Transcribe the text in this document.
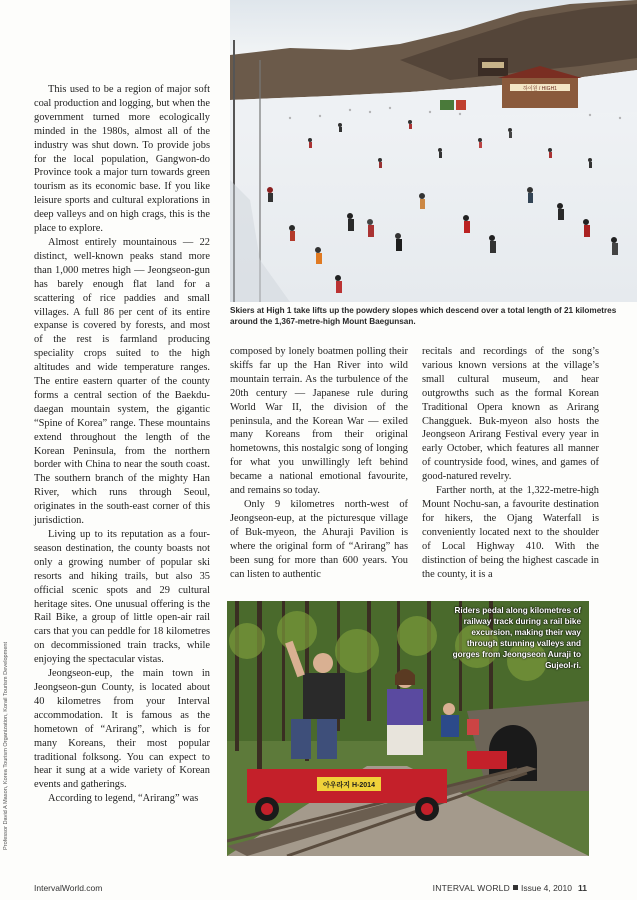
This used to be a region of major soft coal production and logging, but when the government turned more ecologically minded in the 1980s, almost all of the industry was shut down. To provide jobs for the local population, Gangwon-do Province took a major turn towards green tourism as its economic base. If you like leisure sports and cultural explorations in deep valleys and on high crags, this is the place to explore.

Almost entirely mountainous — 22 distinct, well-known peaks stand more than 1,000 metres high — Jeongseon-gun has barely enough flat land for a scattering of rice paddies and small villages. A full 86 per cent of its entire expanse is covered by forests, and most of the rest is farmland producing speciality crops suited to the high altitudes and wide temperature ranges. The entire eastern quarter of the county forms a central section of the Baekdu-daegan mountain system, the gigantic “Spine of Korea” range. These mountains extend throughout the length of the Korean Peninsula, from the northern border with China to near the south coast. The southern branch of the mighty Han River, which runs through Seoul, originates in the south-east corner of this jurisdiction.

Living up to its reputation as a four-season destination, the county boasts not only a growing number of popular ski resorts and hiking trails, but also 35 official scenic spots and 29 cultural heritage sites. One unusual offering is the Rail Bike, a group of little open-air rail cars that you can peddle for 18 kilometres on decommissioned train tracks, while enjoying the spectacular vistas.

Jeongseon-eup, the main town in Jeongseon-gun County, is located about 40 kilometres from your Interval accommodation. It is famous as the hometown of “Arirang”, which is for many Koreans, their most popular traditional folksong. You can expect to hear it sung at a wide variety of Korean events and gatherings.

According to legend, “Arirang” was

하이원 / HIGH1
Skiers at High 1 take lifts up the powdery slopes which descend over a total length of 21 kilometres around the 1,367-metre-high Mount Baegunsan.

composed by lonely boatmen polling their skiffs far up the Han River into wild mountain terrain. As the turbulence of the 20th century — Japanese rule during World War II, the division of the peninsula, and the Korean War — exiled many Koreans from their original hometowns, this nostalgic song of longing for what you unwillingly left behind became a national emotional favourite, and remains so today.

Only 9 kilometres north-west of Jeongseon-eup, at the picturesque village of Buk-myeon, the Ahuraji Pavilion is where the original form of “Arirang” has been sung for more than 600 years. You can listen to authentic

recitals and recordings of the song’s various known versions at the village’s small cultural museum, and hear outgrowths such as the formal Korean Traditional Opera known as Arirang Changguek. Buk-myeon also hosts the Jeongseon Arirang Festival every year in early October, which features all manner of countryside food, wines, and games of good-natured revelry.

Farther north, at the 1,322-metre-high Mount Nochu-san, a favourite destination for hikers, the Ojang Waterfall is conveniently located next to the shoulder of Local Highway 410. With the distinction of being the highest cascade in the county, it is a

아우라지 H-2014
Riders pedal along kilometres of railway track during a rail bike excursion, making their way through stunning valleys and gorges from Jeongseon Auraji to Gujeol-ri.
Professor David A Mason, Korea Tourism Organization, Korail Tourism Development
IntervalWorld.com	INTERVAL WORLD Issue 4, 2010 11
